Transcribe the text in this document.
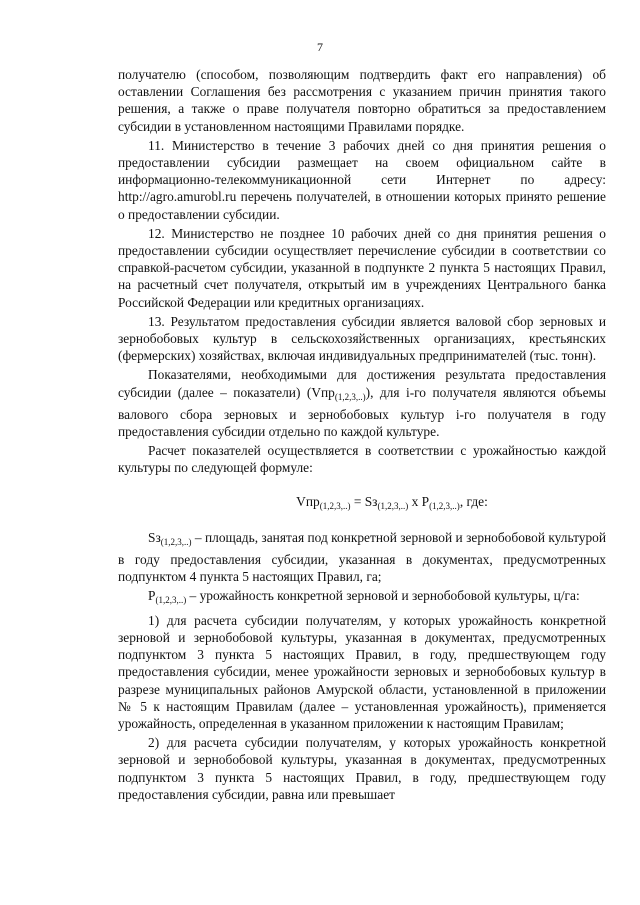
7

получателю (способом, позволяющим подтвердить факт его направления) об оставлении Соглашения без рассмотрения с указанием причин принятия такого решения, а также о праве получателя повторно обратиться за предоставлением субсидии в установленном настоящими Правилами порядке.

11. Министерство в течение 3 рабочих дней со дня принятия решения о предоставлении субсидии размещает на своем официальном сайте в информационно-телекоммуникационной сети Интернет по адресу: http://agro.amurobl.ru перечень получателей, в отношении которых принято решение о предоставлении субсидии.

12. Министерство не позднее 10 рабочих дней со дня принятия решения о предоставлении субсидии осуществляет перечисление субсидии в соответствии со справкой-расчетом субсидии, указанной в подпункте 2 пункта 5 настоящих Правил, на расчетный счет получателя, открытый им в учреждениях Центрального банка Российской Федерации или кредитных организациях.

13. Результатом предоставления субсидии является валовой сбор зерновых и зернобобовых культур в сельскохозяйственных организациях, крестьянских (фермерских) хозяйствах, включая индивидуальных предпринимателей (тыс. тонн).

Показателями, необходимыми для достижения результата предоставления субсидии (далее – показатели) (Vпр$_{(1,2,3,..)}$), для i-го получателя являются объемы валового сбора зерновых и зернобобовых культур i-го получателя в году предоставления субсидии отдельно по каждой культуре.

Расчет показателей осуществляется в соответствии с урожайностью каждой культуры по следующей формуле:

$Vпр_{(1,2,3,..)} = Sз_{(1,2,3,..)}$ x $P_{(1,2,3,..)}$, где:

$Sз_{(1,2,3,..)}$ – площадь, занятая под конкретной зерновой и зернобобовой культурой в году предоставления субсидии, указанная в документах, предусмотренных подпунктом 4 пункта 5 настоящих Правил, га;

$P_{(1,2,3,..)}$ – урожайность конкретной зерновой и зернобобовой культуры, ц/га:

1) для расчета субсидии получателям, у которых урожайность конкретной зерновой и зернобобовой культуры, указанная в документах, предусмотренных подпунктом 3 пункта 5 настоящих Правил, в году, предшествующем году предоставления субсидии, менее урожайности зерновых и зернобобовых культур в разрезе муниципальных районов Амурской области, установленной в приложении № 5 к настоящим Правилам (далее – установленная урожайность), применяется урожайность, определенная в указанном приложении к настоящим Правилам;

2) для расчета субсидии получателям, у которых урожайность конкретной зерновой и зернобобовой культуры, указанная в документах, предусмотренных подпунктом 3 пункта 5 настоящих Правил, в году, предшествующем году предоставления субсидии, равна или превышает
